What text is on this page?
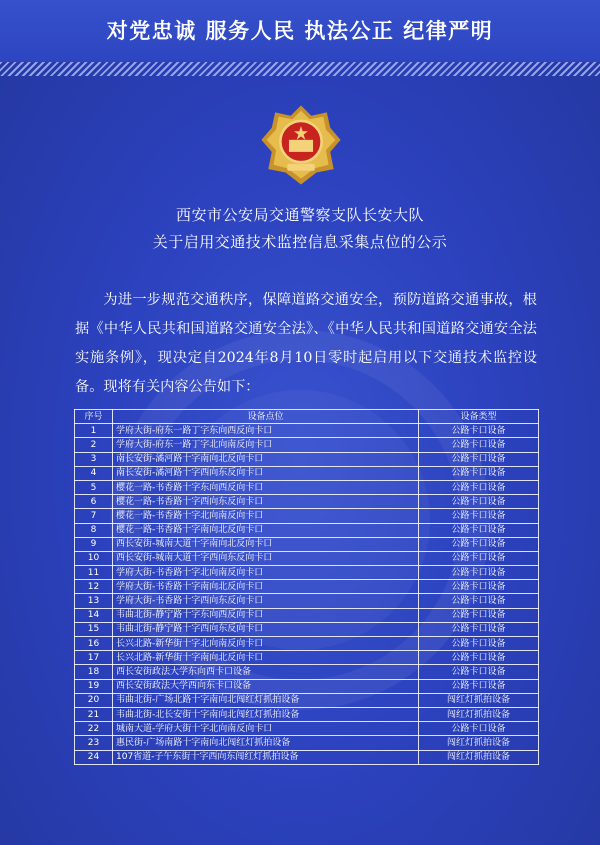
对党忠诚 服务人民 执法公正 纪律严明
西安市公安局交通警察支队长安大队
关于启用交通技术监控信息采集点位的公示
为进一步规范交通秩序，保障道路交通安全，预防道路交通事故，根据《中华人民共和国道路交通安全法》、《中华人民共和国道路交通安全法实施条例》，现决定自2024年8月10日零时起启用以下交通技术监控设备。现将有关内容公告如下：
序号	设备点位	设备类型
1	学府大街-府东一路丁字东向西反向卡口	公路卡口设备
2	学府大街-府东一路丁字北向南反向卡口	公路卡口设备
3	南长安街-潏河路十字南向北反向卡口	公路卡口设备
4	南长安街-潏河路十字西向东反向卡口	公路卡口设备
5	樱花一路-书香路十字东向西反向卡口	公路卡口设备
6	樱花一路-书香路十字西向东反向卡口	公路卡口设备
7	樱花一路-书香路十字北向南反向卡口	公路卡口设备
8	樱花一路-书香路十字南向北反向卡口	公路卡口设备
9	西长安街-城南大道十字南向北反向卡口	公路卡口设备
10	西长安街-城南大道十字西向东反向卡口	公路卡口设备
11	学府大街-书香路十字北向南反向卡口	公路卡口设备
12	学府大街-书香路十字南向北反向卡口	公路卡口设备
13	学府大街-书香路十字西向东反向卡口	公路卡口设备
14	韦曲北街-静宁路十字东向西反向卡口	公路卡口设备
15	韦曲北街-静宁路十字西向东反向卡口	公路卡口设备
16	长兴北路-新华街十字北向南反向卡口	公路卡口设备
17	长兴北路-新华街十字南向北反向卡口	公路卡口设备
18	西长安街政法大学东向西卡口设备	公路卡口设备
19	西长安街政法大学西向东卡口设备	公路卡口设备
20	韦曲北街-广场北路十字南向北闯红灯抓拍设备	闯红灯抓拍设备
21	韦曲北街-北长安街十字南向北闯红灯抓拍设备	闯红灯抓拍设备
22	城南大道-学府大街十字北向南反向卡口	公路卡口设备
23	惠民街-广场南路十字南向北闯红灯抓拍设备	闯红灯抓拍设备
24	107省道-子午东街十字西向东闯红灯抓拍设备	闯红灯抓拍设备
